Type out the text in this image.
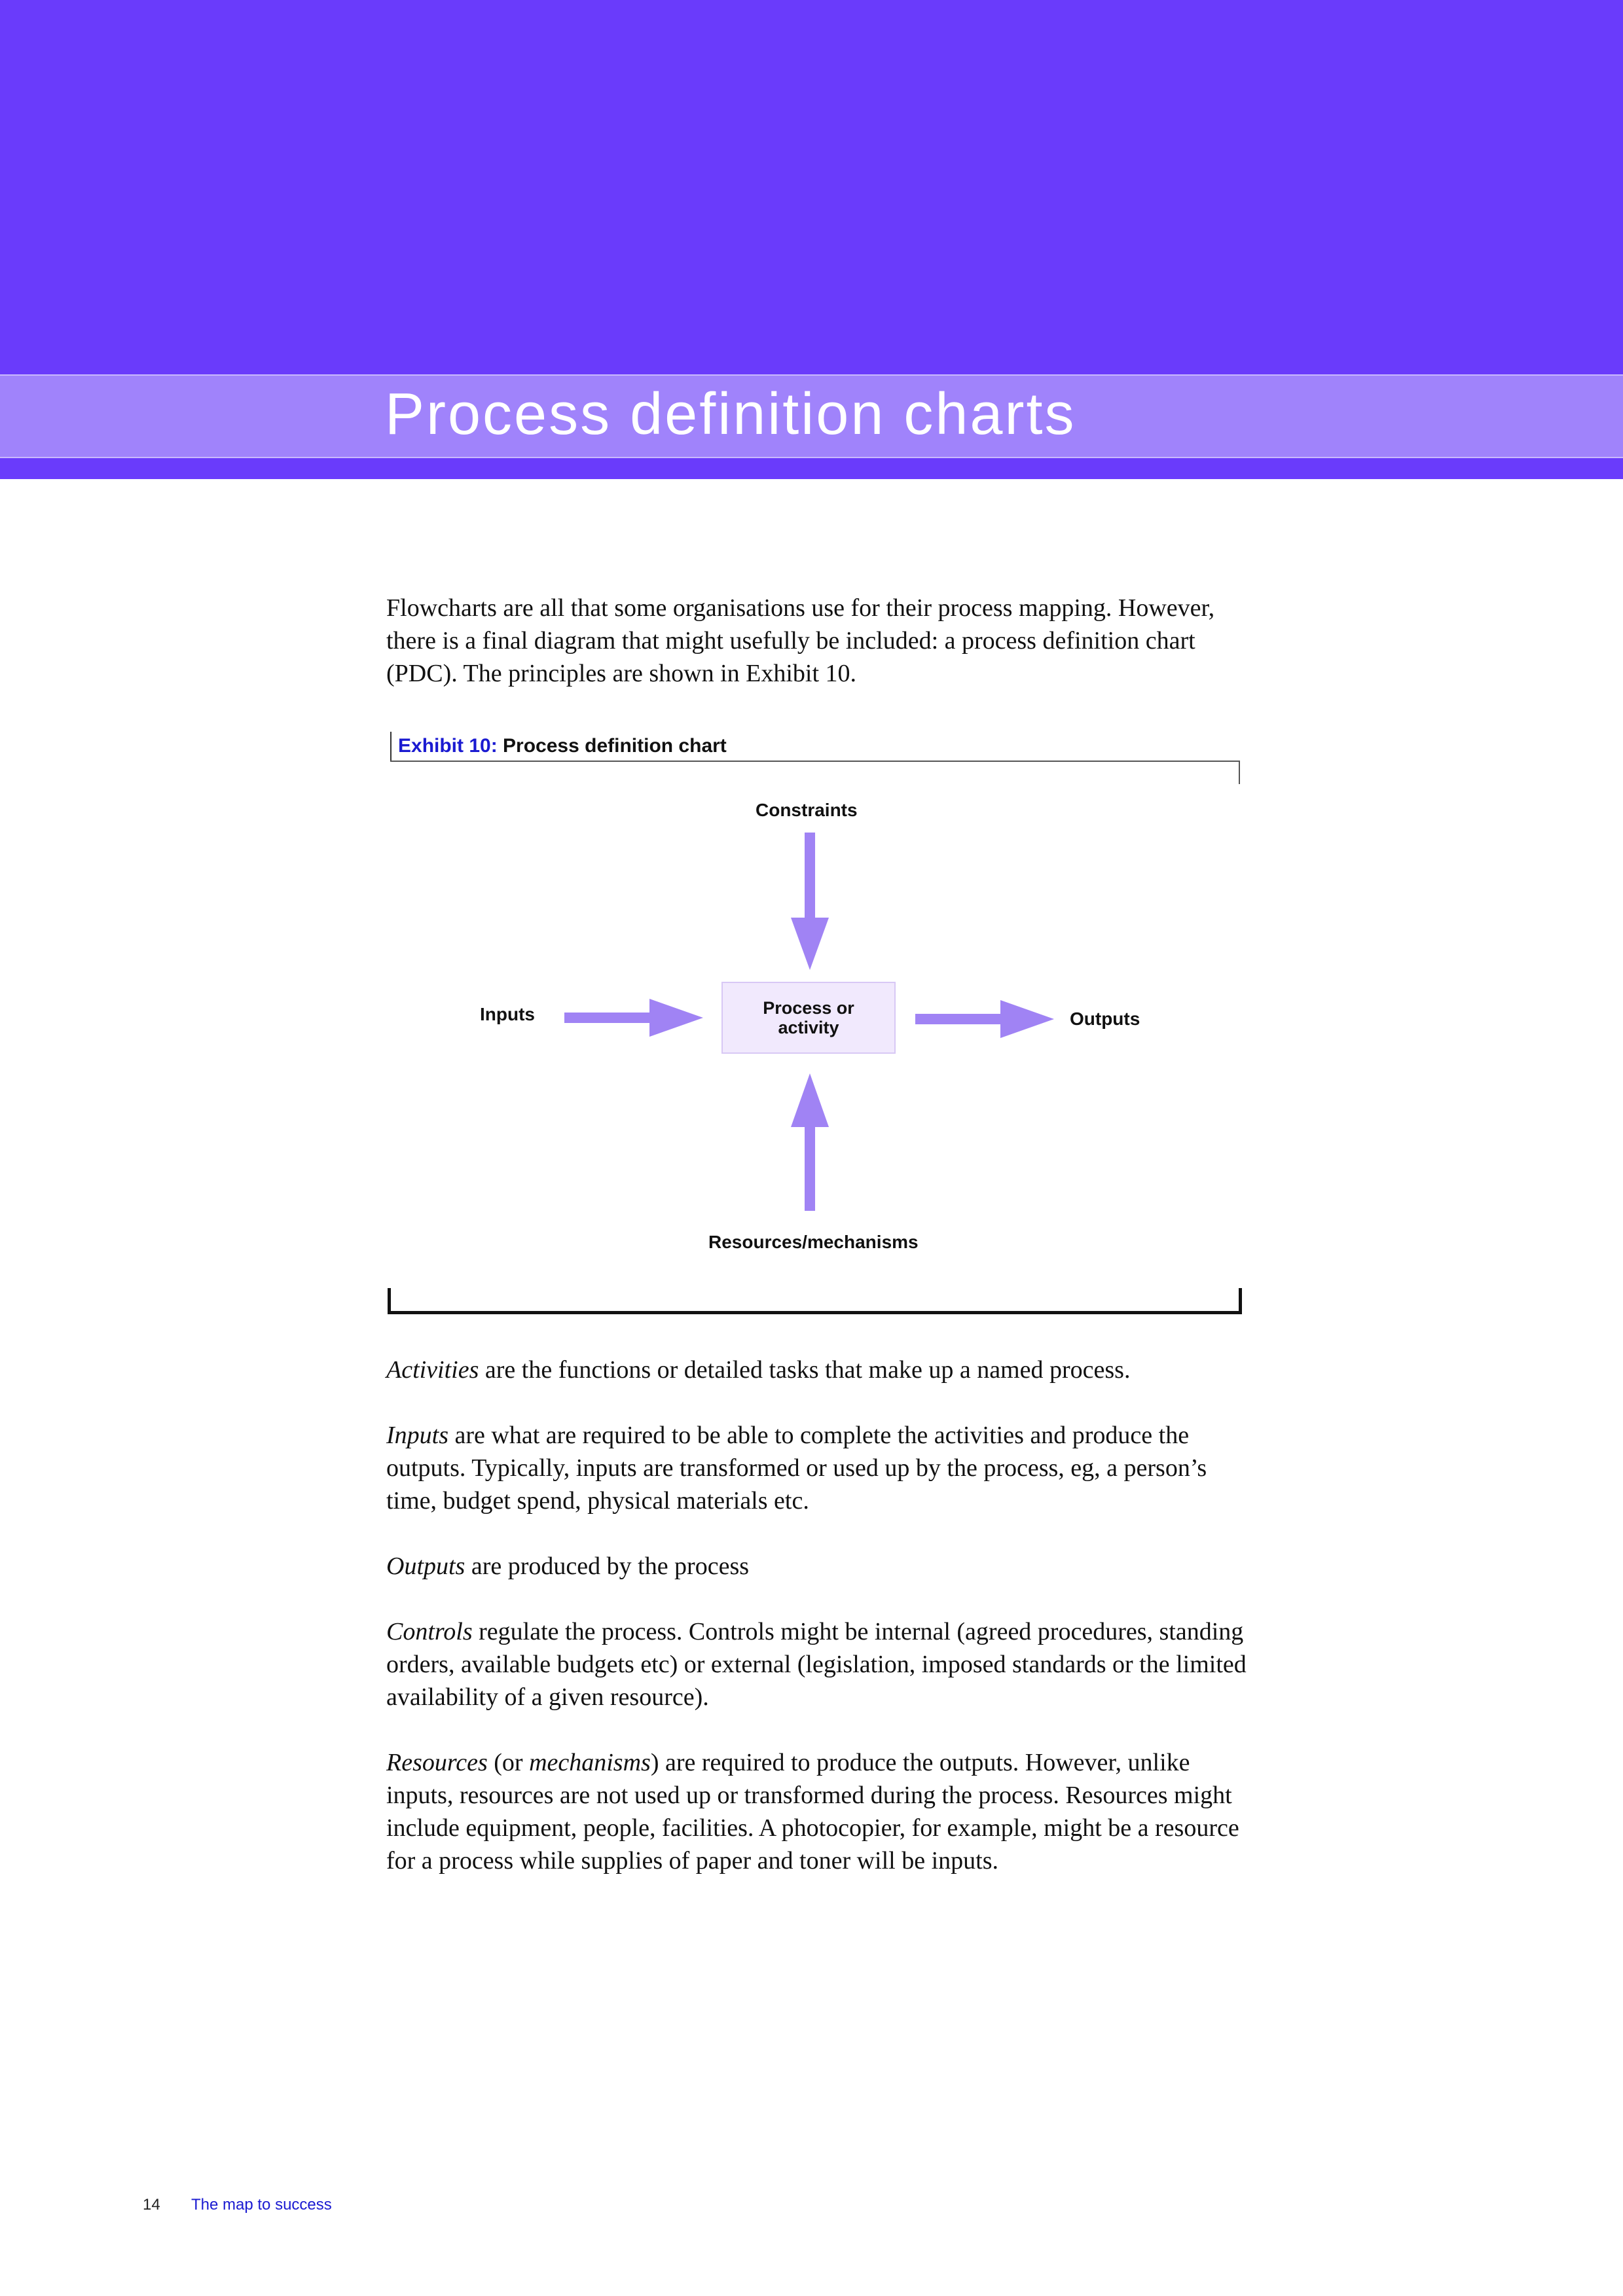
Process definition charts

Flowcharts are all that some organisations use for their process mapping. However, there is a final diagram that might usefully be included: a process definition chart (PDC). The principles are shown in Exhibit 10.

Exhibit 10: Process definition chart
Constraints
Inputs	Outputs
Resources/mechanisms
Process or activity

Activities are the functions or detailed tasks that make up a named process.

Inputs are what are required to be able to complete the activities and produce the outputs. Typically, inputs are transformed or used up by the process, eg, a person’s time, budget spend, physical materials etc.

Outputs are produced by the process

Controls regulate the process. Controls might be internal (agreed procedures, standing orders, available budgets etc) or external (legislation, imposed standards or the limited availability of a given resource).

Resources (or mechanisms) are required to produce the outputs. However, unlike inputs, resources are not used up or transformed during the process. Resources might include equipment, people, facilities. A photocopier, for example, might be a resource for a process while supplies of paper and toner will be inputs.

14 The map to success
